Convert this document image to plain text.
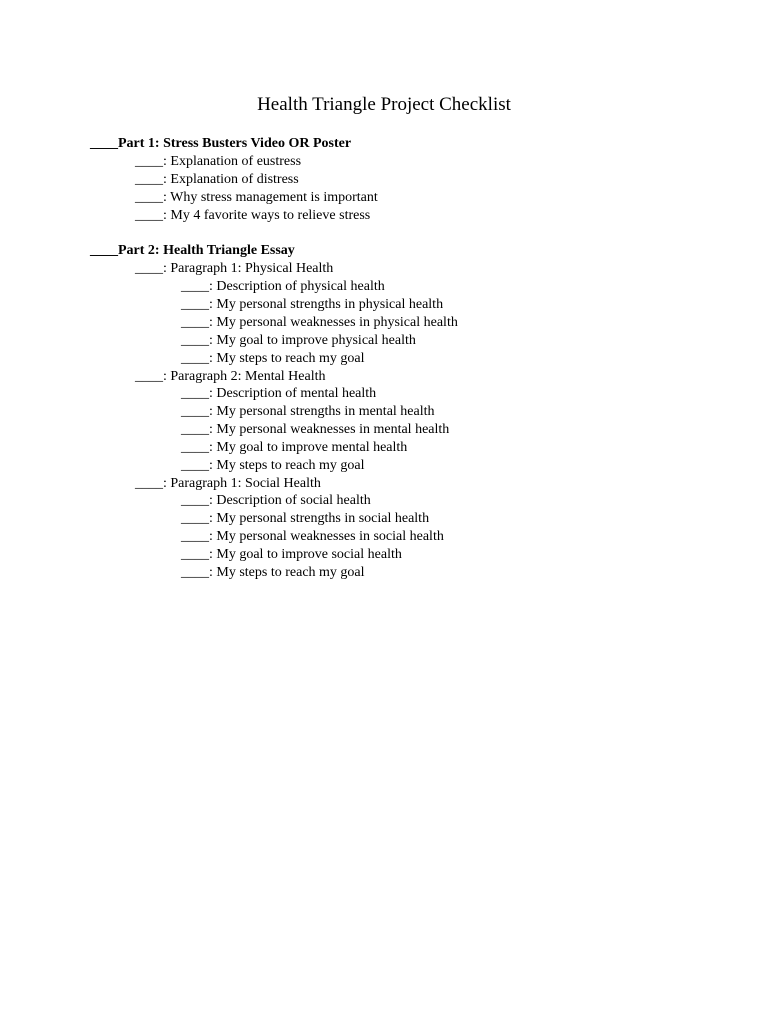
Health Triangle Project Checklist
____Part 1: Stress Busters Video OR Poster
____: Explanation of eustress
____: Explanation of distress
____: Why stress management is important
____: My 4 favorite ways to relieve stress
____Part 2: Health Triangle Essay
____: Paragraph 1: Physical Health
____: Description of physical health
____: My personal strengths in physical health
____: My personal weaknesses in physical health
____: My goal to improve physical health
____: My steps to reach my goal
____: Paragraph 2: Mental Health
____: Description of mental health
____: My personal strengths in mental health
____: My personal weaknesses in mental health
____: My goal to improve mental health
____: My steps to reach my goal
____: Paragraph 1: Social Health
____: Description of social health
____: My personal strengths in social health
____: My personal weaknesses in social health
____: My goal to improve social health
____: My steps to reach my goal
